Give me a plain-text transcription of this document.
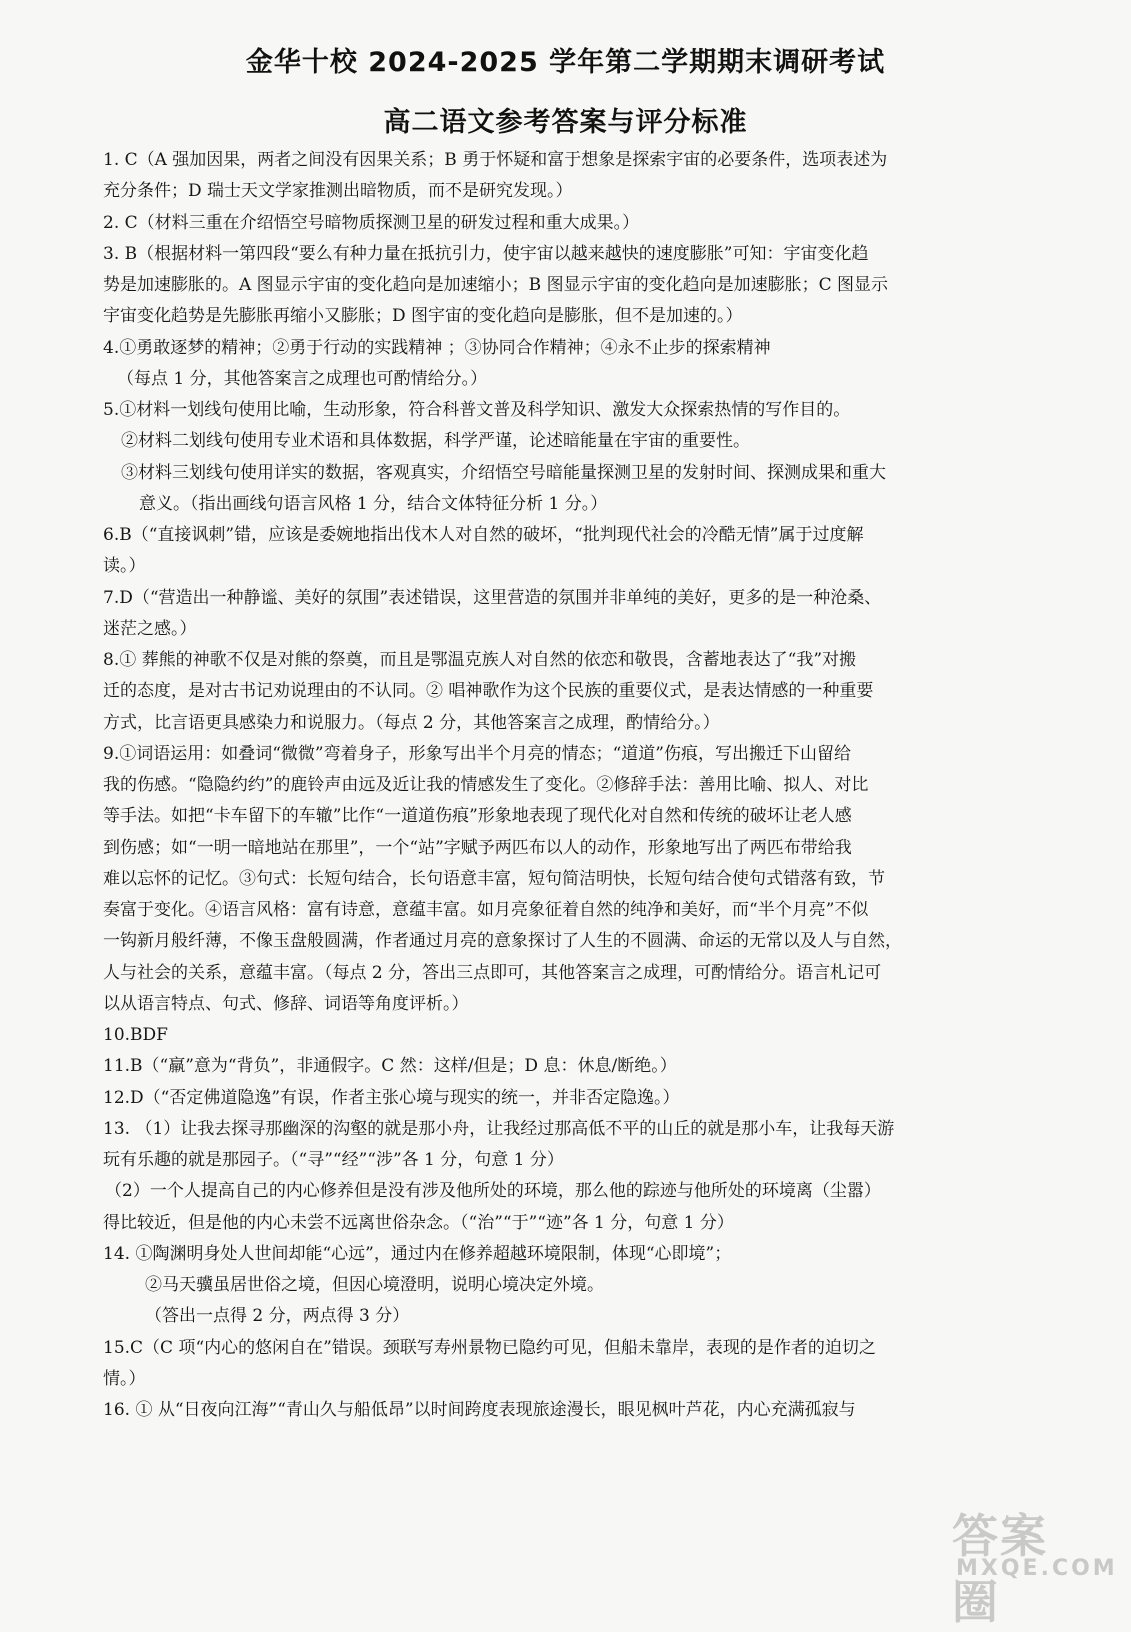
金华十校 2024-2025 学年第二学期期末调研考试
高二语文参考答案与评分标准
1. C（A 强加因果，两者之间没有因果关系；B 勇于怀疑和富于想象是探索宇宙的必要条件，选项表述为
充分条件；D 瑞士天文学家推测出暗物质，而不是研究发现。）
2. C（材料三重在介绍悟空号暗物质探测卫星的研发过程和重大成果。）
3. B（根据材料一第四段“要么有种力量在抵抗引力，使宇宙以越来越快的速度膨胀”可知：宇宙变化趋
势是加速膨胀的。A 图显示宇宙的变化趋向是加速缩小；B 图显示宇宙的变化趋向是加速膨胀；C 图显示
宇宙变化趋势是先膨胀再缩小又膨胀；D 图宇宙的变化趋向是膨胀，但不是加速的。）
4.①勇敢逐梦的精神；②勇于行动的实践精神 ；③协同合作精神；④永不止步的探索精神
（每点 1 分，其他答案言之成理也可酌情给分。）
5.①材料一划线句使用比喻，生动形象，符合科普文普及科学知识、激发大众探索热情的写作目的。
②材料二划线句使用专业术语和具体数据，科学严谨，论述暗能量在宇宙的重要性。
③材料三划线句使用详实的数据，客观真实，介绍悟空号暗能量探测卫星的发射时间、探测成果和重大
意义。（指出画线句语言风格 1 分，结合文体特征分析 1 分。）
6.B（“直接讽刺”错，应该是委婉地指出伐木人对自然的破坏，“批判现代社会的冷酷无情”属于过度解
读。）
7.D（“营造出一种静谧、美好的氛围”表述错误，这里营造的氛围并非单纯的美好，更多的是一种沧桑、
迷茫之感。）
8.① 葬熊的神歌不仅是对熊的祭奠，而且是鄂温克族人对自然的依恋和敬畏，含蓄地表达了“我”对搬
迁的态度，是对古书记劝说理由的不认同。② 唱神歌作为这个民族的重要仪式，是表达情感的一种重要
方式，比言语更具感染力和说服力。（每点 2 分，其他答案言之成理，酌情给分。）
9.①词语运用：如叠词“微微”弯着身子，形象写出半个月亮的情态；“道道”伤痕，写出搬迁下山留给
我的伤感。“隐隐约约”的鹿铃声由远及近让我的情感发生了变化。②修辞手法：善用比喻、拟人、对比
等手法。如把“卡车留下的车辙”比作“一道道伤痕”形象地表现了现代化对自然和传统的破坏让老人感
到伤感；如“一明一暗地站在那里”，一个“站”字赋予两匹布以人的动作，形象地写出了两匹布带给我
难以忘怀的记忆。③句式：长短句结合，长句语意丰富，短句简洁明快，长短句结合使句式错落有致，节
奏富于变化。④语言风格：富有诗意，意蕴丰富。如月亮象征着自然的纯净和美好，而“半个月亮”不似
一钩新月般纤薄，不像玉盘般圆满，作者通过月亮的意象探讨了人生的不圆满、命运的无常以及人与自然，
人与社会的关系，意蕴丰富。（每点 2 分，答出三点即可，其他答案言之成理，可酌情给分。语言札记可
以从语言特点、句式、修辞、词语等角度评析。）
10.BDF
11.B（“羸”意为“背负”，非通假字。C 然：这样/但是；D 息：休息/断绝。）
12.D（“否定佛道隐逸”有误，作者主张心境与现实的统一，并非否定隐逸。）
13. （1）让我去探寻那幽深的沟壑的就是那小舟，让我经过那高低不平的山丘的就是那小车，让我每天游
玩有乐趣的就是那园子。（“寻”“经”“涉”各 1 分，句意 1 分）
（2）一个人提高自己的内心修养但是没有涉及他所处的环境，那么他的踪迹与他所处的环境离（尘嚣）
得比较近，但是他的内心未尝不远离世俗杂念。（“治”“于”“迹”各 1 分，句意 1 分）
14. ①陶渊明身处人世间却能“心远”，通过内在修养超越环境限制，体现“心即境”；
②马天骥虽居世俗之境，但因心境澄明，说明心境决定外境。
（答出一点得 2 分，两点得 3 分）
15.C（C 项“内心的悠闲自在”错误。颈联写寿州景物已隐约可见，但船未靠岸，表现的是作者的迫切之
情。）
16. ① 从“日夜向江海”“青山久与船低昂”以时间跨度表现旅途漫长，眼见枫叶芦花，内心充满孤寂与
答案圈
MXQE.COM
